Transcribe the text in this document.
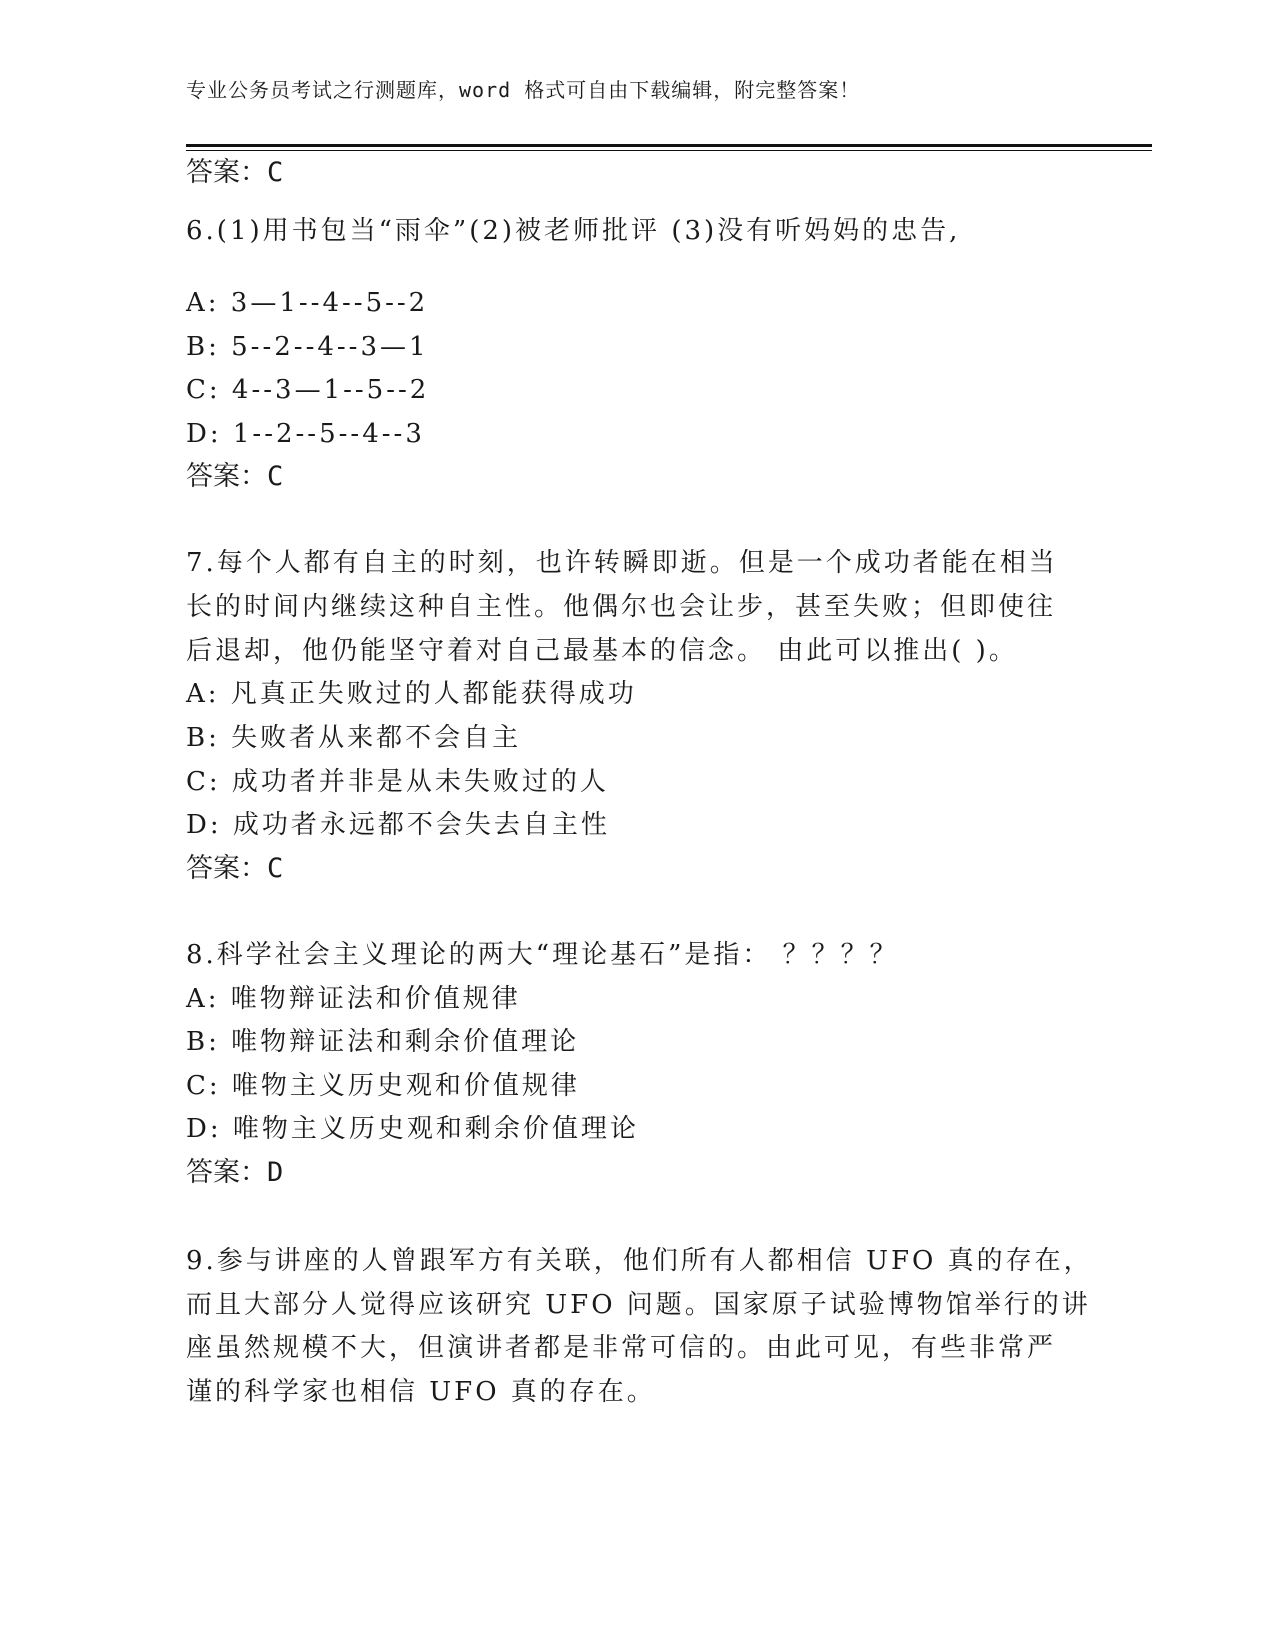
专业公务员考试之行测题库，word 格式可自由下载编辑，附完整答案！
答案：C
6.(1)用书包当“雨伞”(2)被老师批评 (3)没有听妈妈的忠告,
A: 3—1--4--5--2
B: 5--2--4--3—1
C: 4--3—1--5--2
D: 1--2--5--4--3
答案：C
7.每个人都有自主的时刻，也许转瞬即逝。但是一个成功者能在相当
长的时间内继续这种自主性。他偶尔也会让步，甚至失败；但即使往
后退却，他仍能坚守着对自己最基本的信念。 由此可以推出( )。
A: 凡真正失败过的人都能获得成功
B: 失败者从来都不会自主
C: 成功者并非是从未失败过的人
D: 成功者永远都不会失去自主性
答案：C
8.科学社会主义理论的两大“理论基石”是指： ？？？？
A: 唯物辩证法和价值规律
B: 唯物辩证法和剩余价值理论
C: 唯物主义历史观和价值规律
D: 唯物主义历史观和剩余价值理论
答案：D
9.参与讲座的人曾跟军方有关联，他们所有人都相信 UFO 真的存在，
而且大部分人觉得应该研究 UFO 问题。国家原子试验博物馆举行的讲
座虽然规模不大，但演讲者都是非常可信的。由此可见，有些非常严
谨的科学家也相信 UFO 真的存在。
